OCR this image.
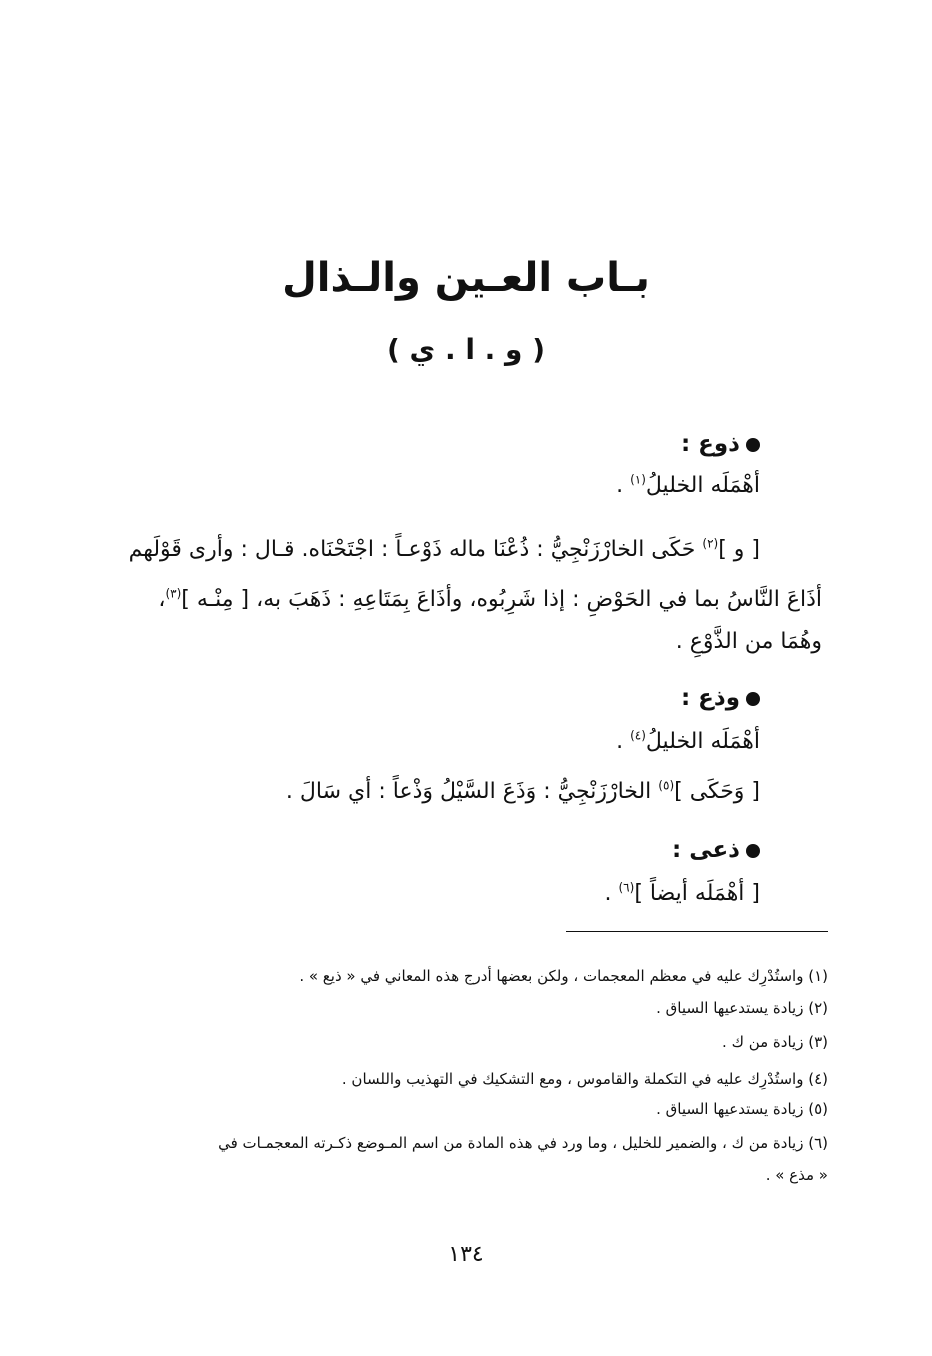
بـاب العـين والـذال
( و . ا . ي )
ذوع :
أهْمَلَه الخليلُ$^{(١)}$ .
[ و ]$^{(٢)}$ حَكَى الخارْزَنْجِيُّ : ذُعْنَا ماله ذَوْعـاً : اجْتَحْنَاه. قـال : وأرى قَوْلَهم
أذَاعَ النَّاسُ بما في الحَوْضِ : إذا شَرِبُوه، وأذَاعَ بِمَتَاعِهِ : ذَهَبَ به، [ مِنْـه ]$^{(٣)}$،
وهُمَا من الذَّوْعِ .
وذع :
أهْمَلَه الخليلُ$^{(٤)}$ .
[ وَحَكَى ]$^{(٥)}$ الخارْزَنْجِيُّ : وَذَعَ السَّيْلُ وَذْعاً : أي سَالَ .
ذعى :
[ أهْمَلَه أيضاً ]$^{(٦)}$ .
(١) واستُدْرِك عليه في معظم المعجمات ، ولكن بعضها أدرج هذه المعاني في « ذيع » .
(٢) زيادة يستدعيها السياق .
(٣) زيادة من ك .
(٤) واستُدْرِك عليه في التكملة والقاموس ، ومع التشكيك في التهذيب واللسان .
(٥) زيادة يستدعيها السياق .
(٦) زيادة من ك ، والضمير للخليل ، وما ورد في هذه المادة من اسم المـوضع ذكـرته المعجمـات في
« مذع » .
١٣٤
